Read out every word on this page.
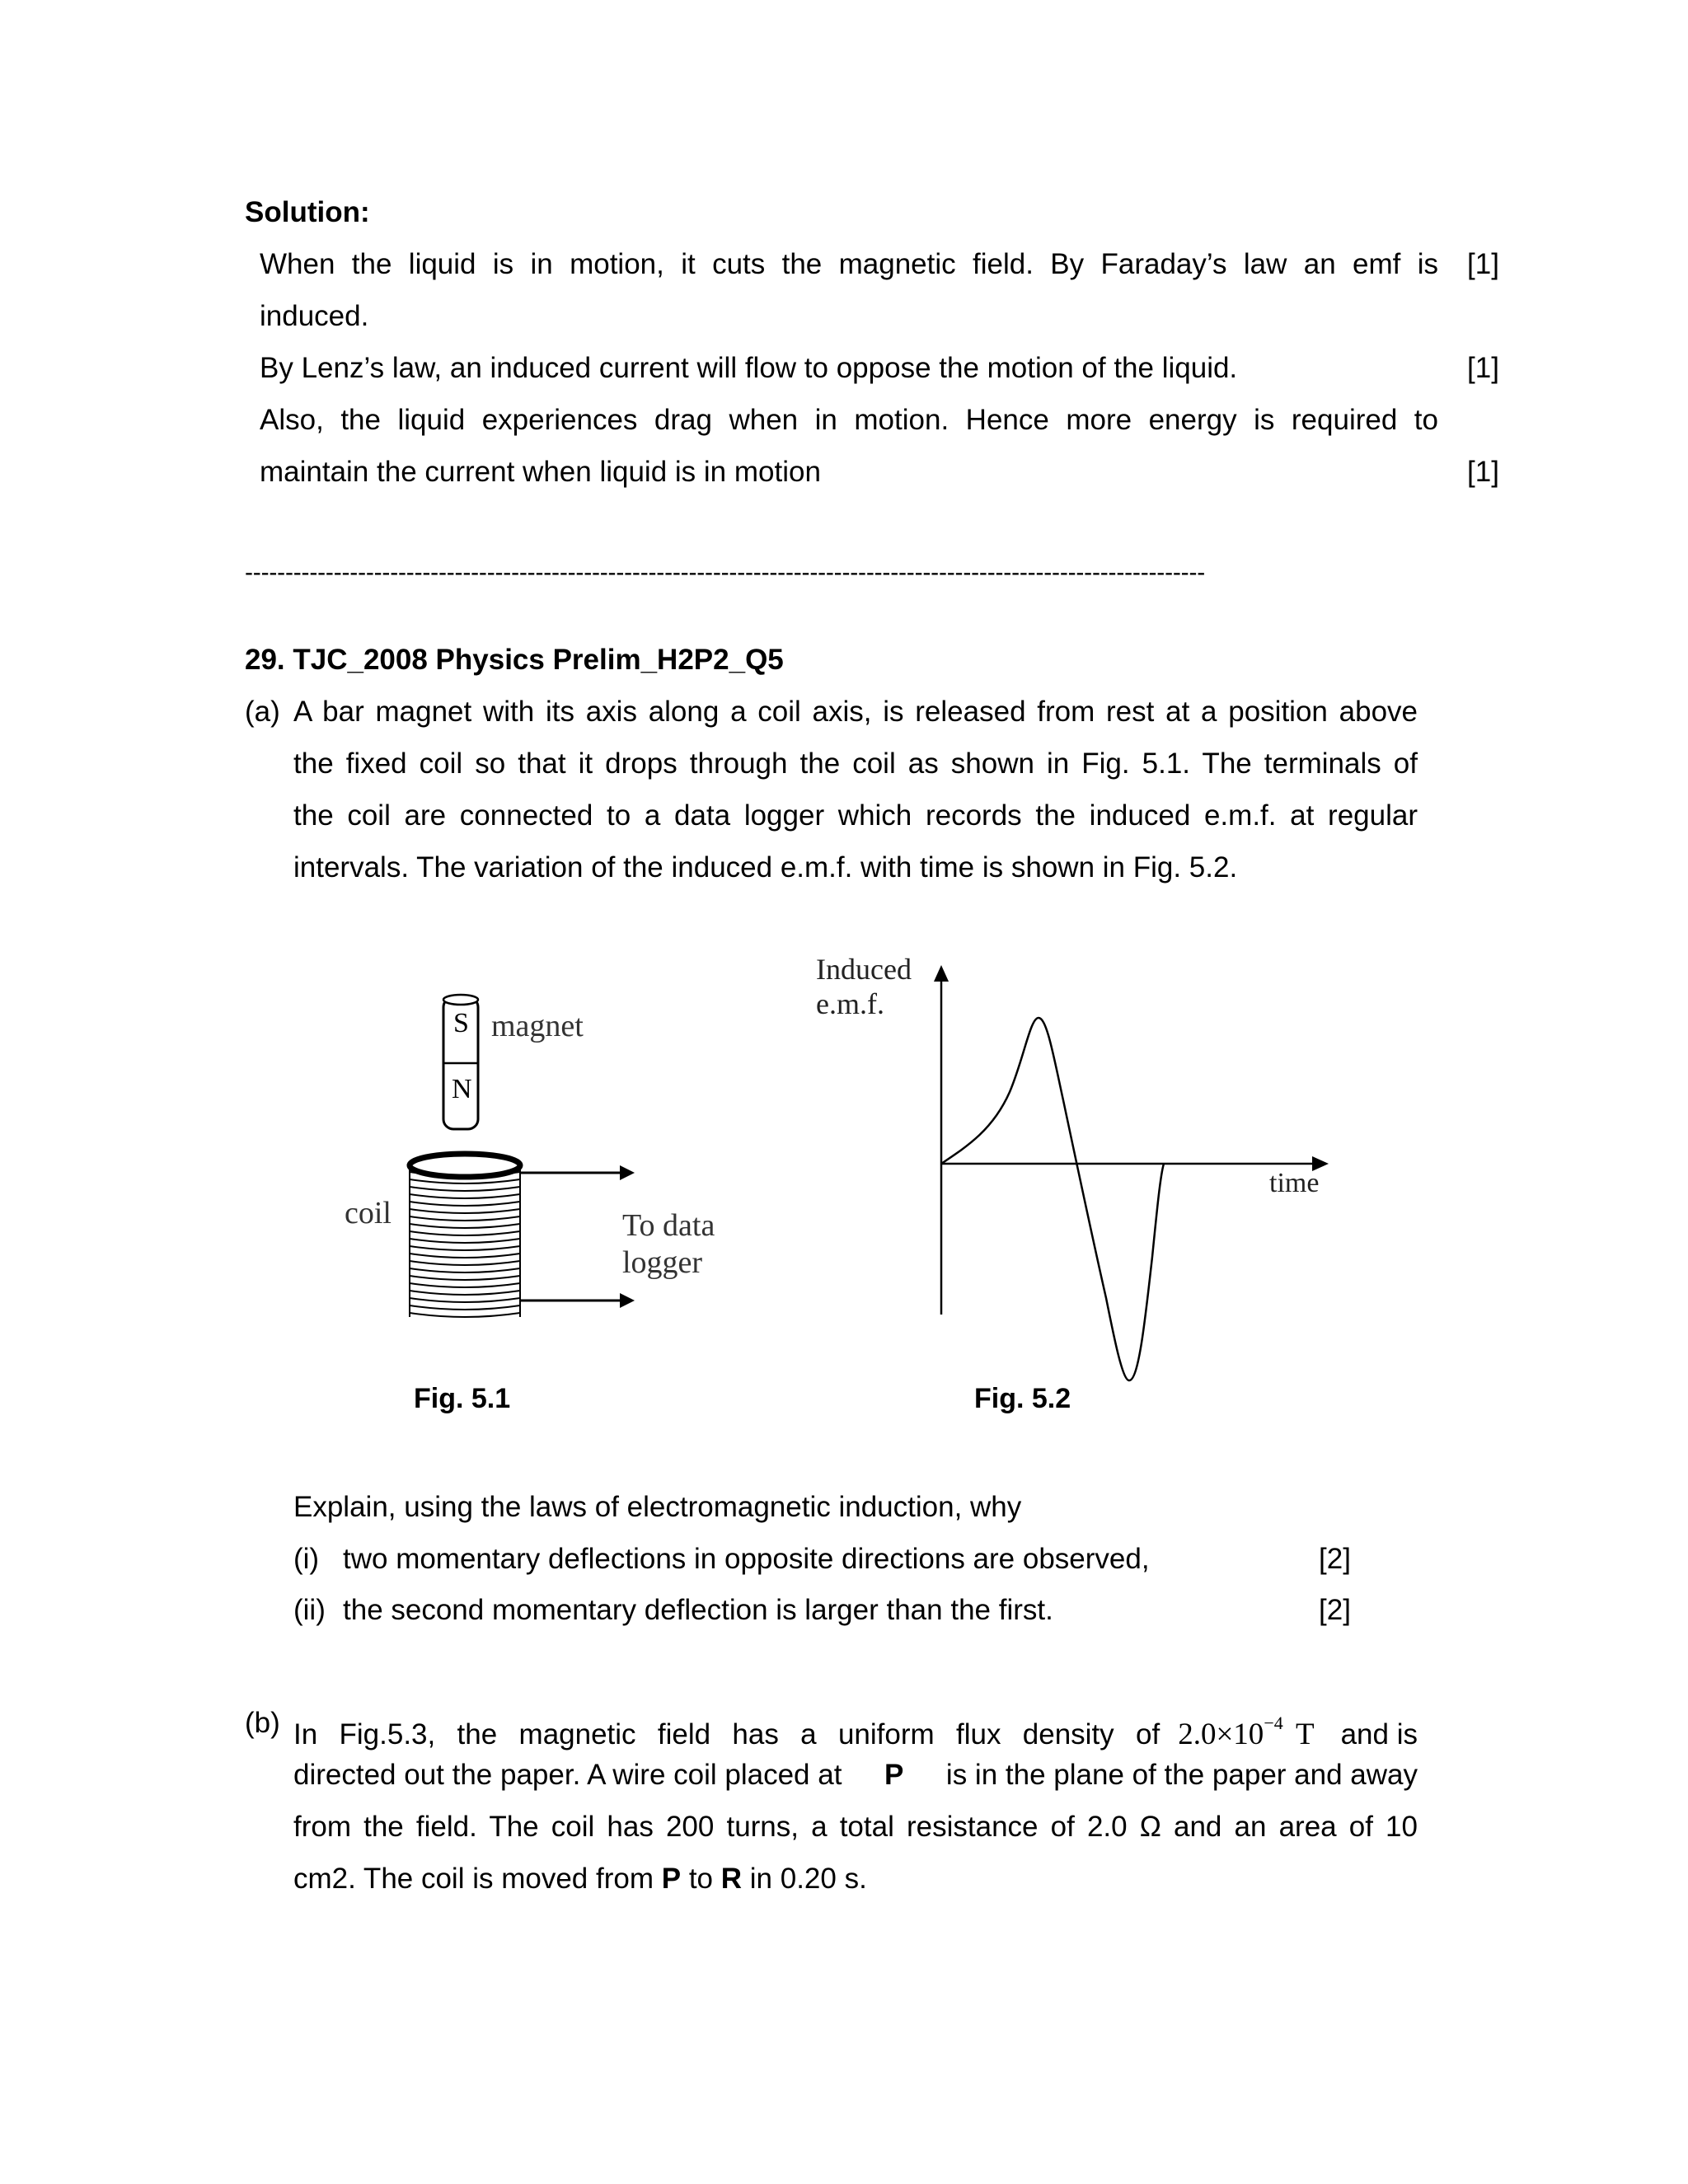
Solution:
When the liquid is in motion, it cuts the magnetic field. By Faraday’s law an emf is [1]
induced.
By Lenz’s law, an induced current will flow to oppose the motion of the liquid.	[1]
Also, the liquid experiences drag when in motion. Hence more energy is required to
maintain the current when liquid is in motion	[1]
-----------------------------------------------------------------------------------------------------------------------
29. TJC_2008 Physics Prelim_H2P2_Q5
(a) A bar magnet with its axis along a coil axis, is released from rest at a position above
the fixed coil so that it drops through the coil as shown in Fig. 5.1. The terminals of
the coil are connected to a data logger which records the induced e.m.f. at regular
intervals. The variation of the induced e.m.f. with time is shown in Fig. 5.2.
S
N
magnet
coil	To data
logger
Fig. 5.1
Induced
e.m.f.
time
Fig. 5.2
Explain, using the laws of electromagnetic induction, why
(i) two momentary deflections in opposite directions are observed,	[2]
(ii) the second momentary deflection is larger than the first.	[2]
(b) In Fig.5.3, the magnetic field has a uniform flux density of $2.0\times 10^{-4}$ T and is
directed out the paper. A wire coil placed at P is in the plane of the paper and away
from the field. The coil has 200 turns, a total resistance of 2.0 Ω and an area of 10
cm2. The coil is moved from P to R in 0.20 s.
